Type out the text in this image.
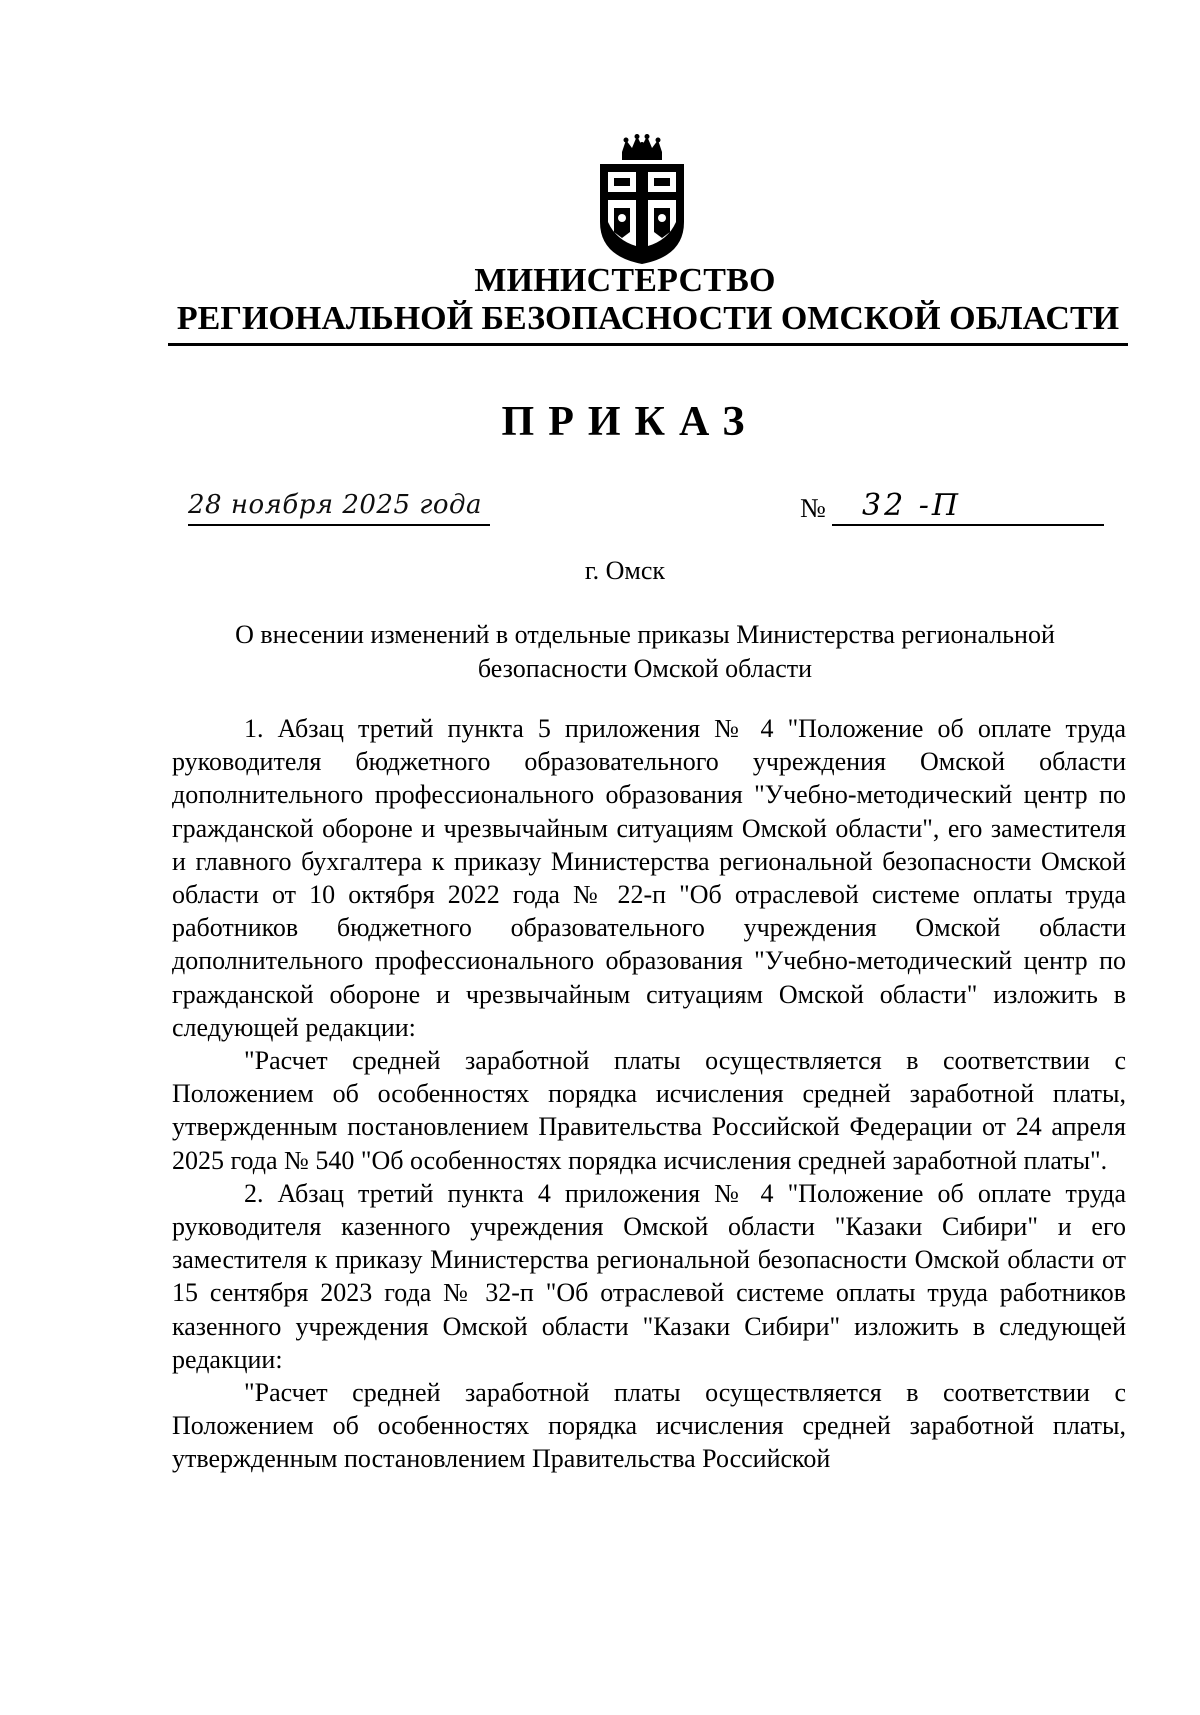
МИНИСТЕРСТВО
РЕГИОНАЛЬНОЙ БЕЗОПАСНОСТИ ОМСКОЙ ОБЛАСТИ
ПРИКАЗ
28 ноября 2025 года	№ 32 -П
г. Омск
О внесении изменений в отдельные приказы Министерства региональной безопасности Омской области

1. Абзац третий пункта 5 приложения № 4 "Положение об оплате труда руководителя бюджетного образовательного учреждения Омской области дополнительного профессионального образования "Учебно-методический центр по гражданской обороне и чрезвычайным ситуациям Омской области", его заместителя и главного бухгалтера к приказу Министерства региональной безопасности Омской области от 10 октября 2022 года № 22-п "Об отраслевой системе оплаты труда работников бюджетного образовательного учреждения Омской области дополнительного профессионального образования "Учебно-методический центр по гражданской обороне и чрезвычайным ситуациям Омской области" изложить в следующей редакции:

"Расчет средней заработной платы осуществляется в соответствии с Положением об особенностях порядка исчисления средней заработной платы, утвержденным постановлением Правительства Российской Федерации от 24 апреля 2025 года № 540 "Об особенностях порядка исчисления средней заработной платы".

2. Абзац третий пункта 4 приложения № 4 "Положение об оплате труда руководителя казенного учреждения Омской области "Казаки Сибири" и его заместителя к приказу Министерства региональной безопасности Омской области от 15 сентября 2023 года № 32-п "Об отраслевой системе оплаты труда работников казенного учреждения Омской области "Казаки Сибири" изложить в следующей редакции:

"Расчет средней заработной платы осуществляется в соответствии с Положением об особенностях порядка исчисления средней заработной платы, утвержденным постановлением Правительства Российской
